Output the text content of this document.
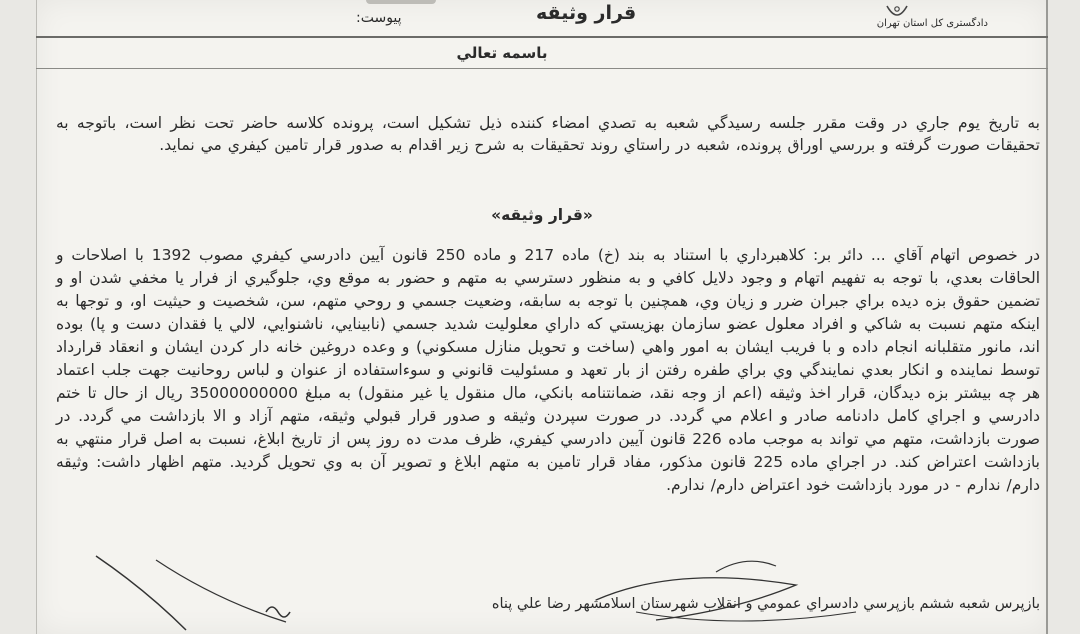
پيوست:	قرار وثيقه	دادگستری کل استان تهران
باسمه تعالي
به تاريخ يوم جاري در وقت مقرر جلسه رسيدگي شعبه به تصدي امضاء كننده ذيل تشكيل است، پرونده كلاسه حاضر تحت نظر است، باتوجه به تحقيقات صورت گرفته و بررسي اوراق پرونده، شعبه در راستاي روند تحقيقات به شرح زير اقدام به صدور قرار تامين كيفري مي نمايد.
«قرار وثيقه»
در خصوص اتهام آقاي ... دائر بر: كلاهبرداري با استناد به بند (خ) ماده 217 و ماده 250 قانون آيين دادرسي كيفري مصوب 1392 با اصلاحات و الحاقات بعدي، با توجه به تفهيم اتهام و وجود دلايل كافي و به منظور دسترسي به متهم و حضور به موقع وي، جلوگيري از فرار يا مخفي شدن او و تضمين حقوق بزه ديده براي جبران ضرر و زيان وي، همچنين با توجه به سابقه، وضعيت جسمي و روحي متهم، سن، شخصيت و حيثيت او، و توجها به اينكه متهم نسبت به شاكي و افراد معلول عضو سازمان بهزيستي كه داراي معلوليت شديد جسمي (نابينايي، ناشنوايي، لالي يا فقدان دست و پا) بوده اند، مانور متقلبانه انجام داده و با فريب ايشان به امور واهي (ساخت و تحويل منازل مسكوني) و وعده دروغين خانه دار كردن ايشان و انعقاد قرارداد توسط نماينده و انكار بعدي نمايندگي وي براي طفره رفتن از بار تعهد و مسئوليت قانوني و سوءاستفاده از عنوان و لباس روحانيت جهت جلب اعتماد هر چه بيشتر بزه ديدگان، قرار اخذ وثيقه (اعم از وجه نقد، ضمانتنامه بانكي، مال منقول يا غير منقول) به مبلغ 35000000000 ريال از حال تا ختم دادرسي و اجراي كامل دادنامه صادر و اعلام مي گردد. در صورت سپردن وثيقه و صدور قرار قبولي وثيقه، متهم آزاد و الا بازداشت مي گردد. در صورت بازداشت، متهم مي تواند به موجب ماده 226 قانون آيين دادرسي كيفري، ظرف مدت ده روز پس از تاريخ ابلاغ، نسبت به اصل قرار منتهي به بازداشت اعتراض كند. در اجراي ماده 225 قانون مذكور، مفاد قرار تامين به متهم ابلاغ و تصوير آن به وي تحويل گرديد. متهم اظهار داشت: وثيقه دارم/ ندارم - در مورد بازداشت خود اعتراض دارم/ ندارم.
بازپرس شعبه ششم بازپرسي دادسراي عمومي و انقلاب شهرستان اسلامشهر رضا علي پناه
